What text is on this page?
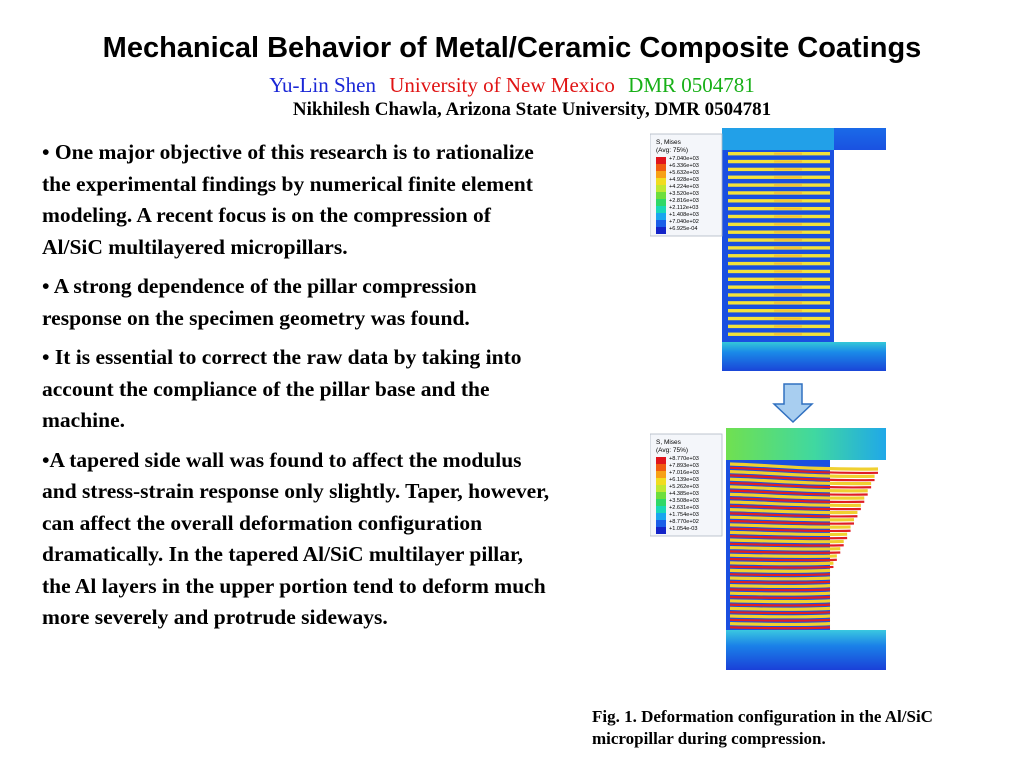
Mechanical Behavior of Metal/Ceramic Composite Coatings
Yu-Lin Shen University of New Mexico DMR 0504781
Nikhilesh Chawla, Arizona State University, DMR 0504781

• One major objective of this research is to rationalize the experimental findings by numerical finite element modeling. A recent focus is on the compression of Al/SiC multilayered micropillars.

• A strong dependence of the pillar compression response on the specimen geometry was found.

• It is essential to correct the raw data by taking into account the compliance of the pillar base and the machine.

•A tapered side wall was found to affect the modulus and stress-strain response only slightly. Taper, however, can affect the overall deformation configuration dramatically. In the tapered Al/SiC multilayer pillar, the Al layers in the upper portion tend to deform much more severely and protrude sideways.

S, Mises
(Avg: 75%)
+7.040e+03
+6.336e+03
+5.632e+03
+4.928e+03
+4.224e+03
+3.520e+03
+2.816e+03
+2.112e+03
+1.408e+03
+7.040e+02
+6.925e-04
S, Mises
(Avg: 75%)
+8.770e+03
+7.893e+03
+7.016e+03
+6.139e+03
+5.262e+03
+4.385e+03
+3.508e+03
+2.631e+03
+1.754e+03
+8.770e+02
+1.054e-03
Fig. 1. Deformation configuration in the Al/SiC micropillar during compression.
